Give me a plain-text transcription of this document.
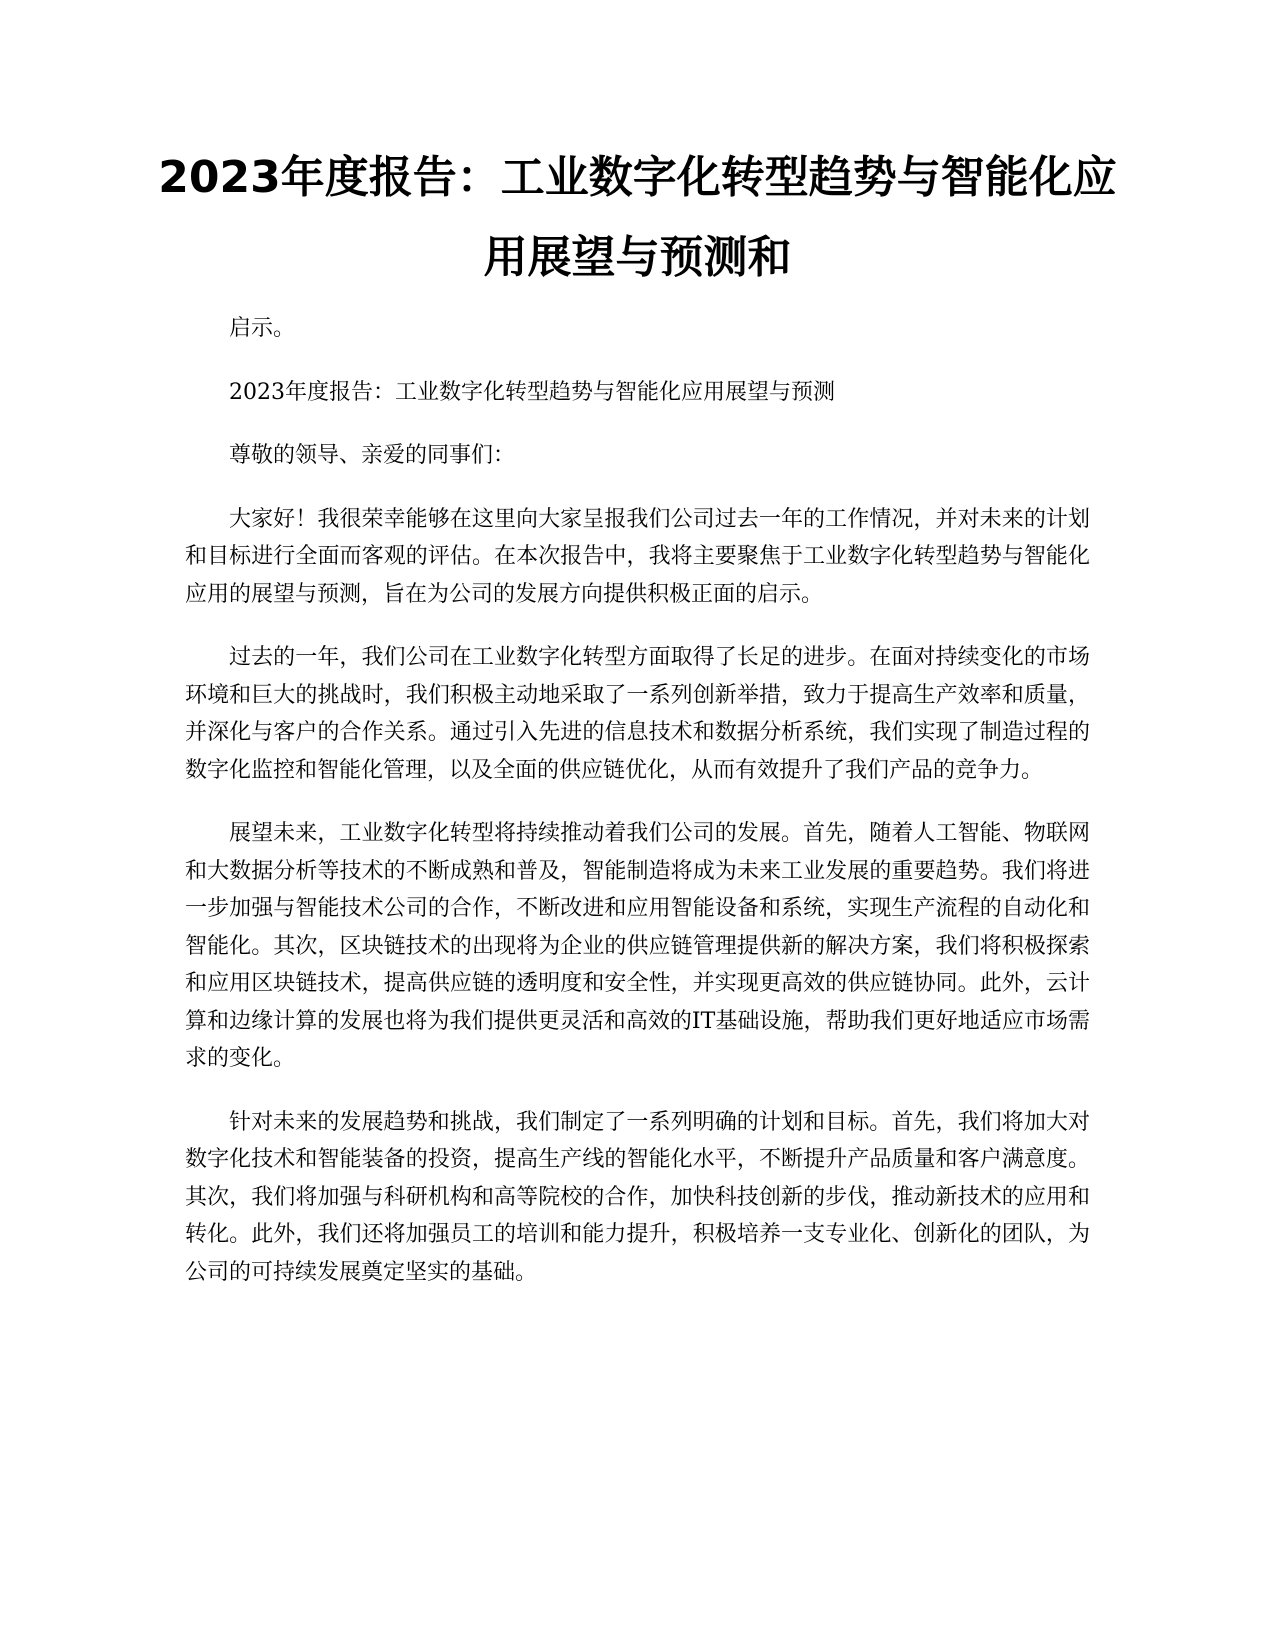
2023年度报告：工业数字化转型趋势与智能化应用展望与预测和

启示。

2023年度报告：工业数字化转型趋势与智能化应用展望与预测

尊敬的领导、亲爱的同事们：

大家好！我很荣幸能够在这里向大家呈报我们公司过去一年的工作情况，并对未来的计划和目标进行全面而客观的评估。在本次报告中，我将主要聚焦于工业数字化转型趋势与智能化应用的展望与预测，旨在为公司的发展方向提供积极正面的启示。

过去的一年，我们公司在工业数字化转型方面取得了长足的进步。在面对持续变化的市场环境和巨大的挑战时，我们积极主动地采取了一系列创新举措，致力于提高生产效率和质量，并深化与客户的合作关系。通过引入先进的信息技术和数据分析系统，我们实现了制造过程的数字化监控和智能化管理，以及全面的供应链优化，从而有效提升了我们产品的竞争力。

展望未来，工业数字化转型将持续推动着我们公司的发展。首先，随着人工智能、物联网和大数据分析等技术的不断成熟和普及，智能制造将成为未来工业发展的重要趋势。我们将进一步加强与智能技术公司的合作，不断改进和应用智能设备和系统，实现生产流程的自动化和智能化。其次，区块链技术的出现将为企业的供应链管理提供新的解决方案，我们将积极探索和应用区块链技术，提高供应链的透明度和安全性，并实现更高效的供应链协同。此外，云计算和边缘计算的发展也将为我们提供更灵活和高效的IT基础设施，帮助我们更好地适应市场需求的变化。

针对未来的发展趋势和挑战，我们制定了一系列明确的计划和目标。首先，我们将加大对数字化技术和智能装备的投资，提高生产线的智能化水平，不断提升产品质量和客户满意度。其次，我们将加强与科研机构和高等院校的合作，加快科技创新的步伐，推动新技术的应用和转化。此外，我们还将加强员工的培训和能力提升，积极培养一支专业化、创新化的团队，为公司的可持续发展奠定坚实的基础。
